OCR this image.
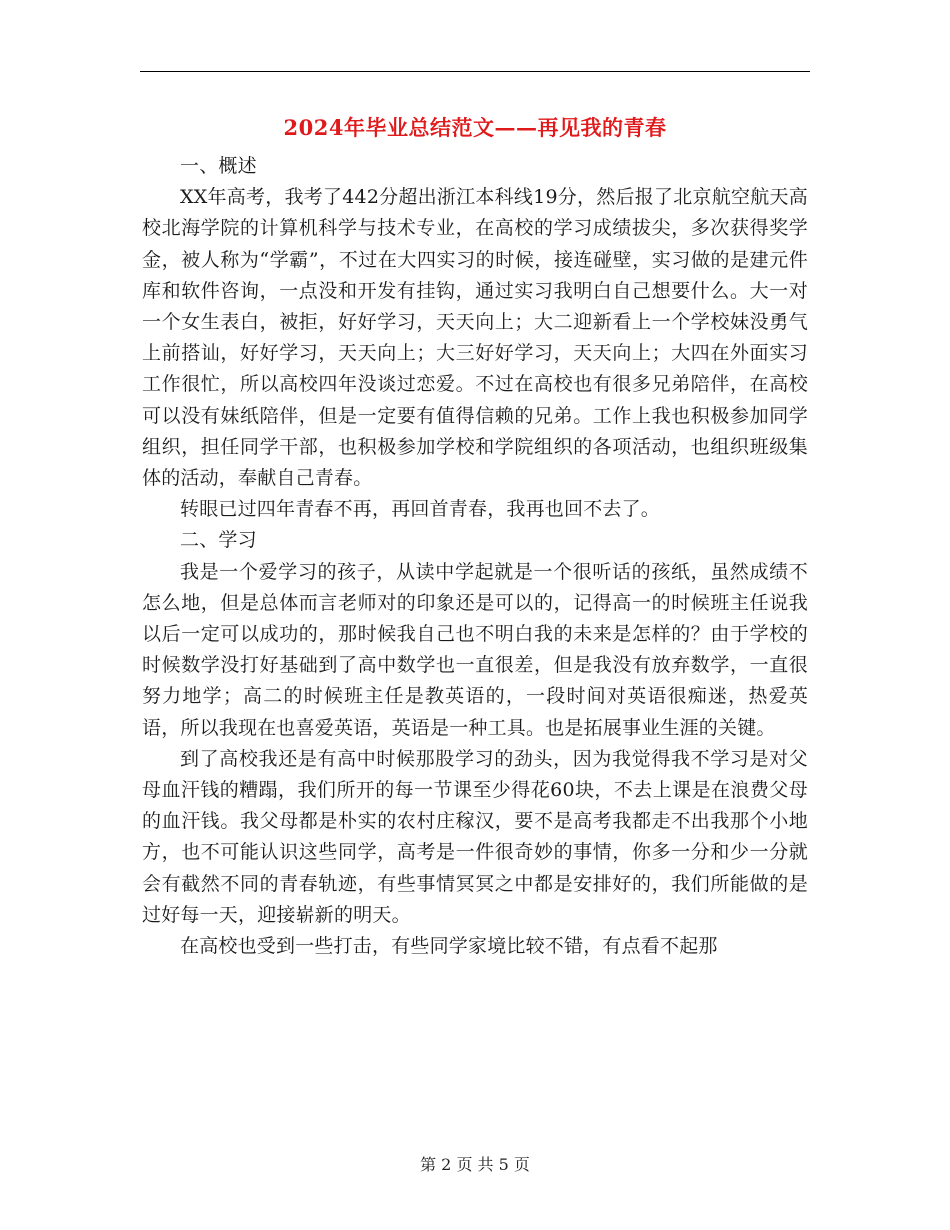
2024年毕业总结范文——再见我的青春

一、概述

XX年高考，我考了442分超出浙江本科线19分，然后报了北京航空航天高校北海学院的计算机科学与技术专业，在高校的学习成绩拔尖，多次获得奖学金，被人称为“学霸”，不过在大四实习的时候，接连碰壁，实习做的是建元件库和软件咨询，一点没和开发有挂钩，通过实习我明白自己想要什么。大一对一个女生表白，被拒，好好学习，天天向上；大二迎新看上一个学校妹没勇气上前搭讪，好好学习，天天向上；大三好好学习，天天向上；大四在外面实习工作很忙，所以高校四年没谈过恋爱。不过在高校也有很多兄弟陪伴，在高校可以没有妹纸陪伴，但是一定要有值得信赖的兄弟。工作上我也积极参加同学组织，担任同学干部，也积极参加学校和学院组织的各项活动，也组织班级集体的活动，奉献自己青春。

转眼已过四年青春不再，再回首青春，我再也回不去了。

二、学习

我是一个爱学习的孩子，从读中学起就是一个很听话的孩纸，虽然成绩不怎么地，但是总体而言老师对的印象还是可以的，记得高一的时候班主任说我以后一定可以成功的，那时候我自己也不明白我的未来是怎样的？由于学校的时候数学没打好基础到了高中数学也一直很差，但是我没有放弃数学，一直很努力地学；高二的时候班主任是教英语的，一段时间对英语很痴迷，热爱英语，所以我现在也喜爱英语，英语是一种工具。也是拓展事业生涯的关键。

到了高校我还是有高中时候那股学习的劲头，因为我觉得我不学习是对父母血汗钱的糟蹋，我们所开的每一节课至少得花60块，不去上课是在浪费父母的血汗钱。我父母都是朴实的农村庄稼汉，要不是高考我都走不出我那个小地方，也不可能认识这些同学，高考是一件很奇妙的事情，你多一分和少一分就会有截然不同的青春轨迹，有些事情冥冥之中都是安排好的，我们所能做的是过好每一天，迎接崭新的明天。

在高校也受到一些打击，有些同学家境比较不错，有点看不起那

第 2 页 共 5 页
